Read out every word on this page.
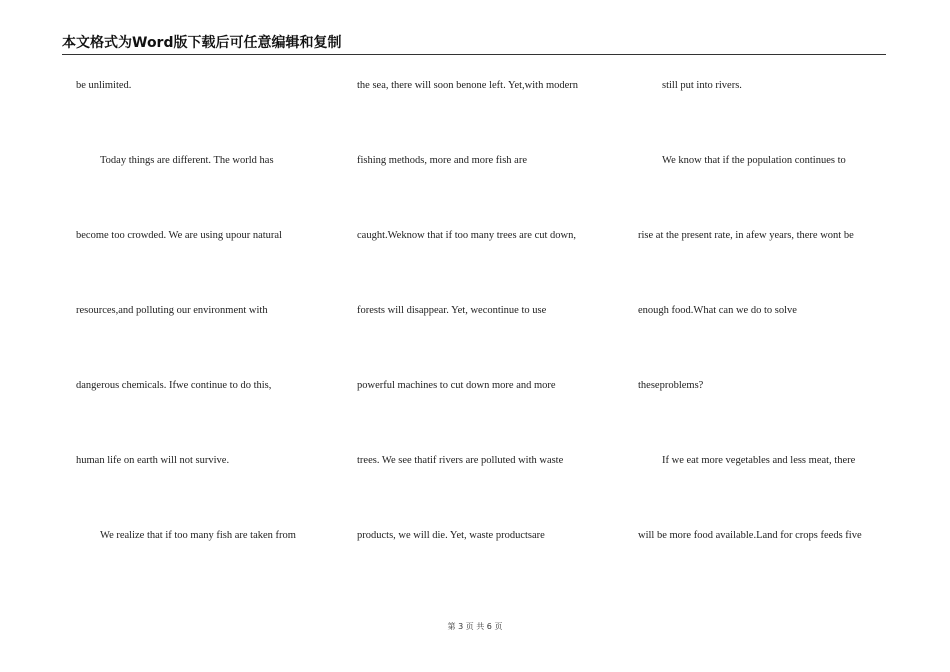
本文格式为Word版下载后可任意编辑和复制
be unlimited.
Today things are different. The world has
become too crowded. We are using upour natural
resources,and polluting our environment with
dangerous chemicals. Ifwe continue to do this,
human life on earth will not survive.
We realize that if too many fish are taken from
the sea, there will soon benone left. Yet,with modern
fishing methods, more and more fish are
caught.Weknow that if too many trees are cut down,
forests will disappear. Yet, wecontinue to use
powerful machines to cut down more and more
trees. We see thatif rivers are polluted with waste
products, we will die. Yet, waste productsare
still put into rivers.
We know that if the population continues to
rise at the present rate, in afew years, there wont be
enough food.What can we do to solve
theseproblems?
If we eat more vegetables and less meat, there
will be more food available.Land for crops feeds five
第 3 页 共 6 页
